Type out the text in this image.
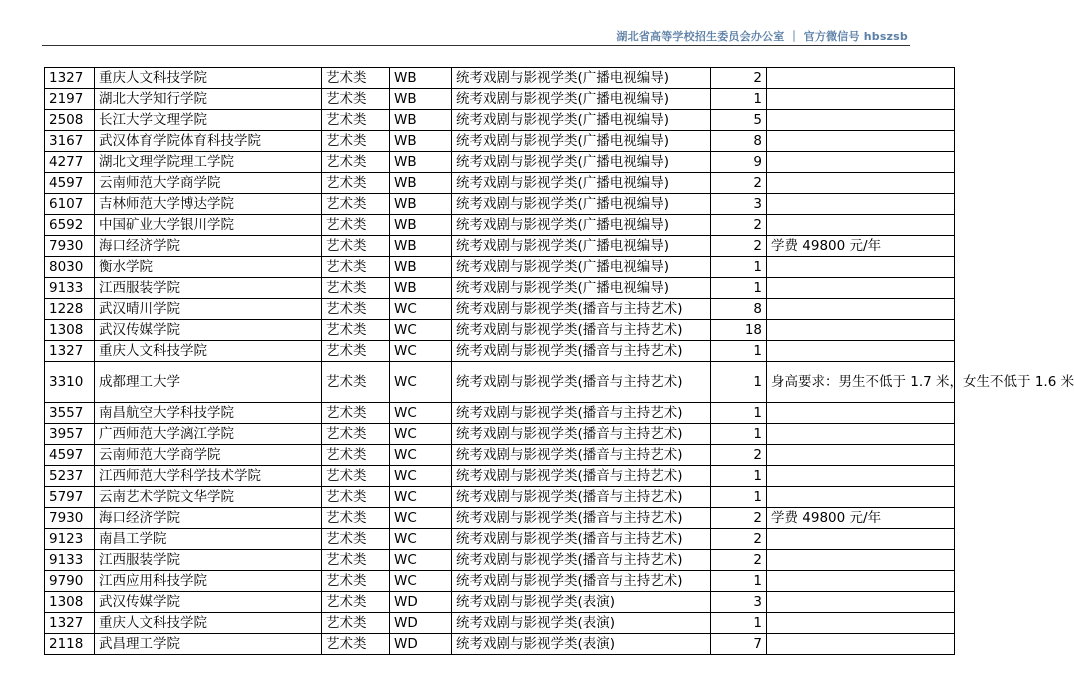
湖北省高等学校招生委员会办公室 ｜ 官方微信号 hbszsb
1327	重庆人文科技学院	艺术类	WB	统考戏剧与影视学类(广播电视编导)	2	
2197	湖北大学知行学院	艺术类	WB	统考戏剧与影视学类(广播电视编导)	1	
2508	长江大学文理学院	艺术类	WB	统考戏剧与影视学类(广播电视编导)	5	
3167	武汉体育学院体育科技学院	艺术类	WB	统考戏剧与影视学类(广播电视编导)	8	
4277	湖北文理学院理工学院	艺术类	WB	统考戏剧与影视学类(广播电视编导)	9	
4597	云南师范大学商学院	艺术类	WB	统考戏剧与影视学类(广播电视编导)	2	
6107	吉林师范大学博达学院	艺术类	WB	统考戏剧与影视学类(广播电视编导)	3	
6592	中国矿业大学银川学院	艺术类	WB	统考戏剧与影视学类(广播电视编导)	2	
7930	海口经济学院	艺术类	WB	统考戏剧与影视学类(广播电视编导)	2	学费 49800 元/年
8030	衡水学院	艺术类	WB	统考戏剧与影视学类(广播电视编导)	1	
9133	江西服装学院	艺术类	WB	统考戏剧与影视学类(广播电视编导)	1	
1228	武汉晴川学院	艺术类	WC	统考戏剧与影视学类(播音与主持艺术)	8	
1308	武汉传媒学院	艺术类	WC	统考戏剧与影视学类(播音与主持艺术)	18	
1327	重庆人文科技学院	艺术类	WC	统考戏剧与影视学类(播音与主持艺术)	1	
3310	成都理工大学	艺术类	WC	统考戏剧与影视学类(播音与主持艺术)	1	身高要求：男生不低于 1.7 米，女生不低于 1.6 米
3557	南昌航空大学科技学院	艺术类	WC	统考戏剧与影视学类(播音与主持艺术)	1	
3957	广西师范大学漓江学院	艺术类	WC	统考戏剧与影视学类(播音与主持艺术)	1	
4597	云南师范大学商学院	艺术类	WC	统考戏剧与影视学类(播音与主持艺术)	2	
5237	江西师范大学科学技术学院	艺术类	WC	统考戏剧与影视学类(播音与主持艺术)	1	
5797	云南艺术学院文华学院	艺术类	WC	统考戏剧与影视学类(播音与主持艺术)	1	
7930	海口经济学院	艺术类	WC	统考戏剧与影视学类(播音与主持艺术)	2	学费 49800 元/年
9123	南昌工学院	艺术类	WC	统考戏剧与影视学类(播音与主持艺术)	2	
9133	江西服装学院	艺术类	WC	统考戏剧与影视学类(播音与主持艺术)	2	
9790	江西应用科技学院	艺术类	WC	统考戏剧与影视学类(播音与主持艺术)	1	
1308	武汉传媒学院	艺术类	WD	统考戏剧与影视学类(表演)	3	
1327	重庆人文科技学院	艺术类	WD	统考戏剧与影视学类(表演)	1	
2118	武昌理工学院	艺术类	WD	统考戏剧与影视学类(表演)	7	
